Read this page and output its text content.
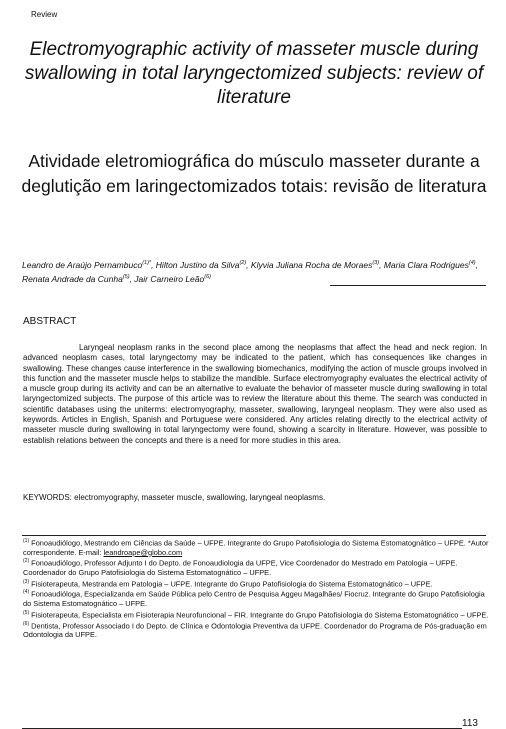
Review
Electromyographic activity of masseter muscle during swallowing in total laryngectomized subjects: review of literature
Atividade eletromiográfica do músculo masseter durante a deglutição em laringectomizados totais: revisão de literatura
Leandro de Araújo Pernambuco$^{(1)*}$, Hilton Justino da Silva$^{(2)}$, Klyvia Juliana Rocha de Moraes$^{(3)}$, Maria Clara Rodrigues$^{(4)}$, Renata Andrade da Cunha$^{(5)}$, Jair Carneiro Leão$^{(6)}$
ABSTRACT
Laryngeal neoplasm ranks in the second place among the neoplasms that affect the head and neck region. In advanced neoplasm cases, total laryngectomy may be indicated to the patient, which has consequences like changes in swallowing. These changes cause interference in the swallowing biomechanics, modifying the action of muscle groups involved in this function and the masseter muscle helps to stabilize the mandible. Surface electromyography evaluates the electrical activity of a muscle group during its activity and can be an alternative to evaluate the behavior of masseter muscle during swallowing in total laryngectomized subjects. The purpose of this article was to review the literature about this theme. The search was conducted in scientific databases using the uniterms: electromyography, masseter, swallowing, laryngeal neoplasm. They were also used as keywords. Articles in English, Spanish and Portuguese were considered. Any articles relating directly to the electrical activity of masseter muscle during swallowing in total laryngectomy were found, showing a scarcity in literature. However, was possible to establish relations between the concepts and there is a need for more studies in this area.
KEYWORDS: electromyography, masseter muscle, swallowing, laryngeal neoplasms.

$^{(1)}$ Fonoaudiólogo, Mestrando em Ciências da Saúde – UFPE. Integrante do Grupo Patofisiologia do Sistema Estomatognático – UFPE. *Autor correspondente. E-mail: leandroape@globo.com

$^{(2)}$ Fonoaudiólogo, Professor Adjunto I do Depto. de Fonoaudiologia da UFPE, Vice Coordenador do Mestrado em Patologia – UFPE. Coordenador do Grupo Patofisiologia do Sistema Estomatognático – UFPE.

$^{(3)}$ Fisioterapeuta, Mestranda em Patologia – UFPE. Integrante do Grupo Patofisiologia do Sistema Estomatognático – UFPE.

$^{(4)}$ Fonoaudióloga, Especializanda em Saúde Pública pelo Centro de Pesquisa Aggeu Magalhães/ Fiocruz. Integrante do Grupo Patofisiologia do Sistema Estomatognático – UFPE.

$^{(5)}$ Fisioterapeuta, Especialista em Fisioterapia Neurofuncional – FIR. Integrante do Grupo Patofisiologia do Sistema Estomatognático – UFPE.

$^{(6)}$ Dentista, Professor Associado I do Depto. de Clínica e Odontologia Preventiva da UFPE. Coordenador do Programa de Pós-graduação em Odontologia da UFPE.

113
